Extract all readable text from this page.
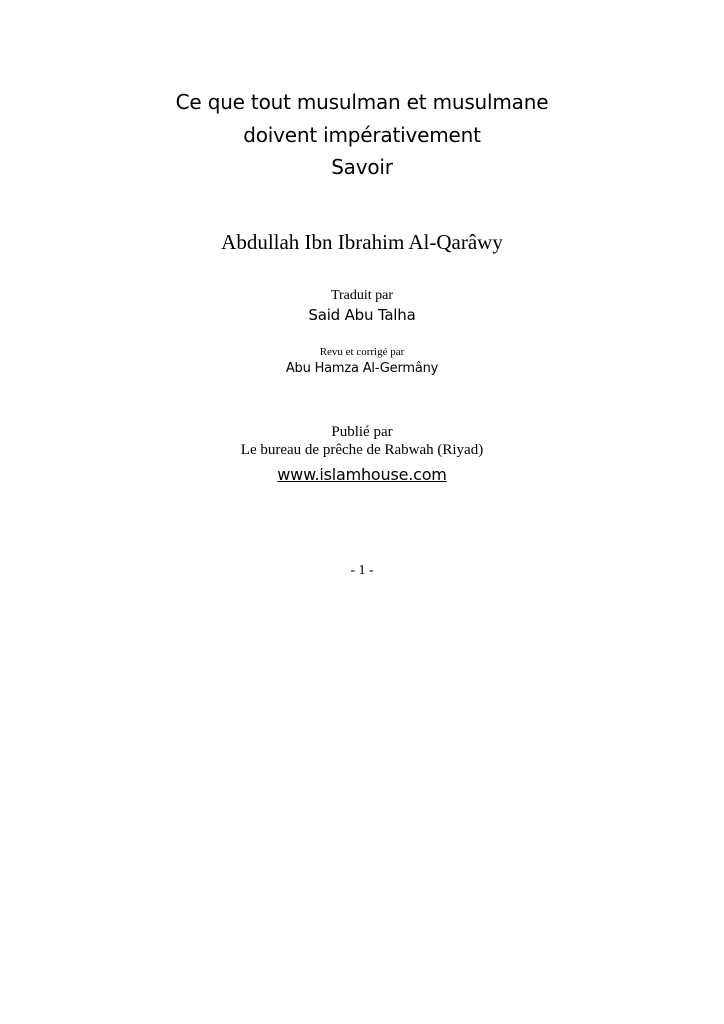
Ce que tout musulman et musulmane
doivent impérativement
Savoir
Abdullah Ibn Ibrahim Al-Qarâwy
Traduit par
Said Abu Talha
Revu et corrigé par
Abu Hamza Al-Germâny
Publié par
Le bureau de prêche de Rabwah (Riyad)
www.islamhouse.com
- 1 -
